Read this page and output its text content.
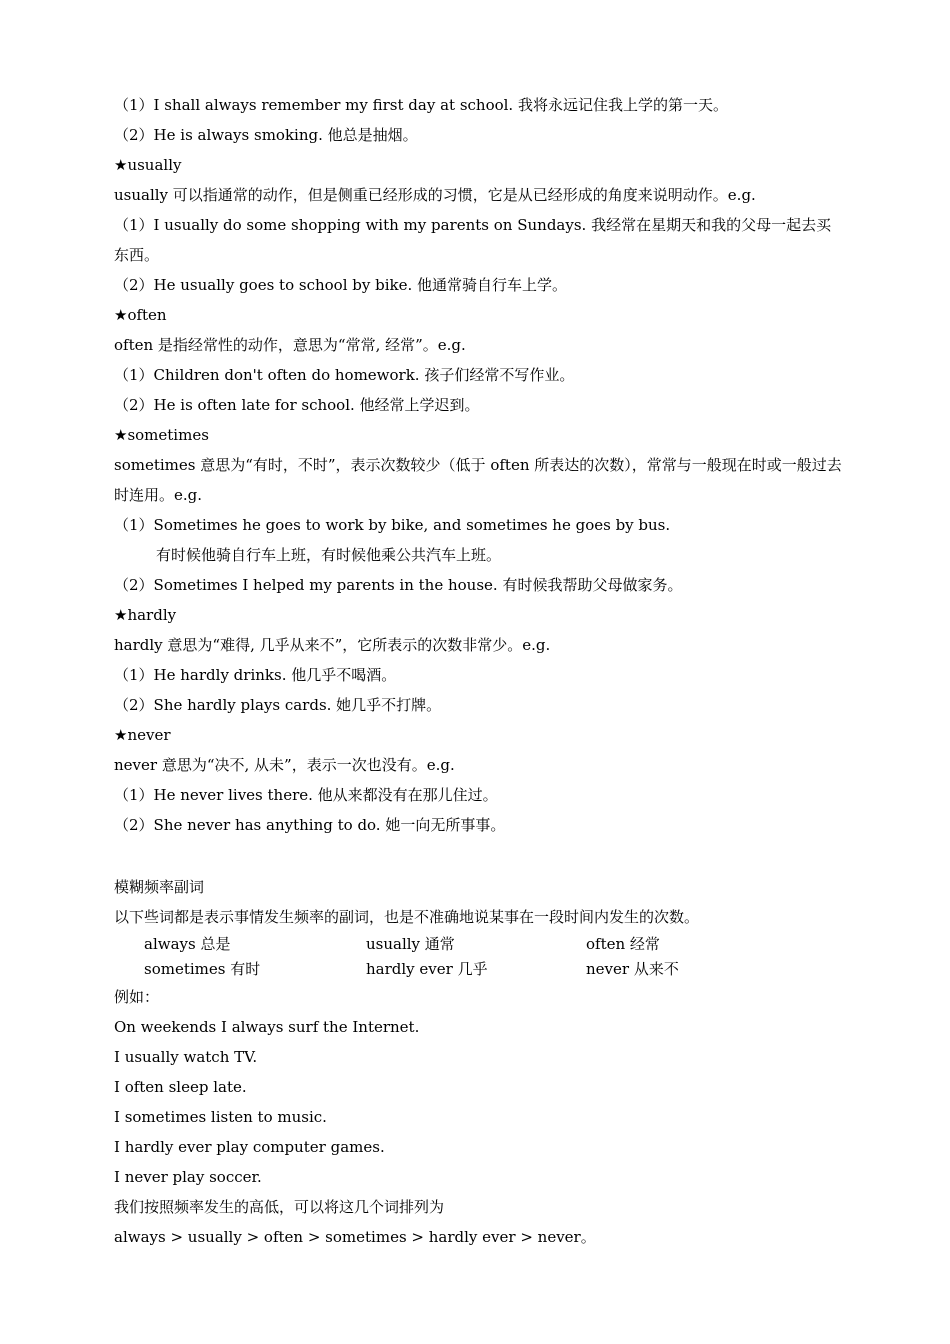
（1）I shall always remember my first day at school. 我将永远记住我上学的第一天。
（2）He is always smoking. 他总是抽烟。
★usually
usually 可以指通常的动作，但是侧重已经形成的习惯，它是从已经形成的角度来说明动作。e.g.
（1）I usually do some shopping with my parents on Sundays. 我经常在星期天和我的父母一起去买东西。
（2）He usually goes to school by bike. 他通常骑自行车上学。
★often
often 是指经常性的动作，意思为“常常, 经常”。e.g.
（1）Children don't often do homework. 孩子们经常不写作业。
（2）He is often late for school. 他经常上学迟到。
★sometimes
sometimes 意思为“有时，不时”，表示次数较少（低于 often 所表达的次数），常常与一般现在时或一般过去时连用。e.g.
（1）Sometimes he goes to work by bike, and sometimes he goes by bus.
有时候他骑自行车上班，有时候他乘公共汽车上班。
（2）Sometimes I helped my parents in the house. 有时候我帮助父母做家务。
★hardly
hardly 意思为“难得, 几乎从来不”，它所表示的次数非常少。e.g.
（1）He hardly drinks. 他几乎不喝酒。
（2）She hardly plays cards. 她几乎不打牌。
★never
never 意思为“决不, 从未”，表示一次也没有。e.g.
（1）He never lives there. 他从来都没有在那儿住过。
（2）She never has anything to do. 她一向无所事事。
模糊频率副词
以下些词都是表示事情发生频率的副词，也是不准确地说某事在一段时间内发生的次数。
always 总是	usually 通常	often 经常
sometimes 有时	hardly ever 几乎	never 从来不
例如：
On weekends I always surf the Internet.
I usually watch TV.
I often sleep late.
I sometimes listen to music.
I hardly ever play computer games.
I never play soccer.
我们按照频率发生的高低，可以将这几个词排列为
always > usually > often > sometimes > hardly ever > never。
